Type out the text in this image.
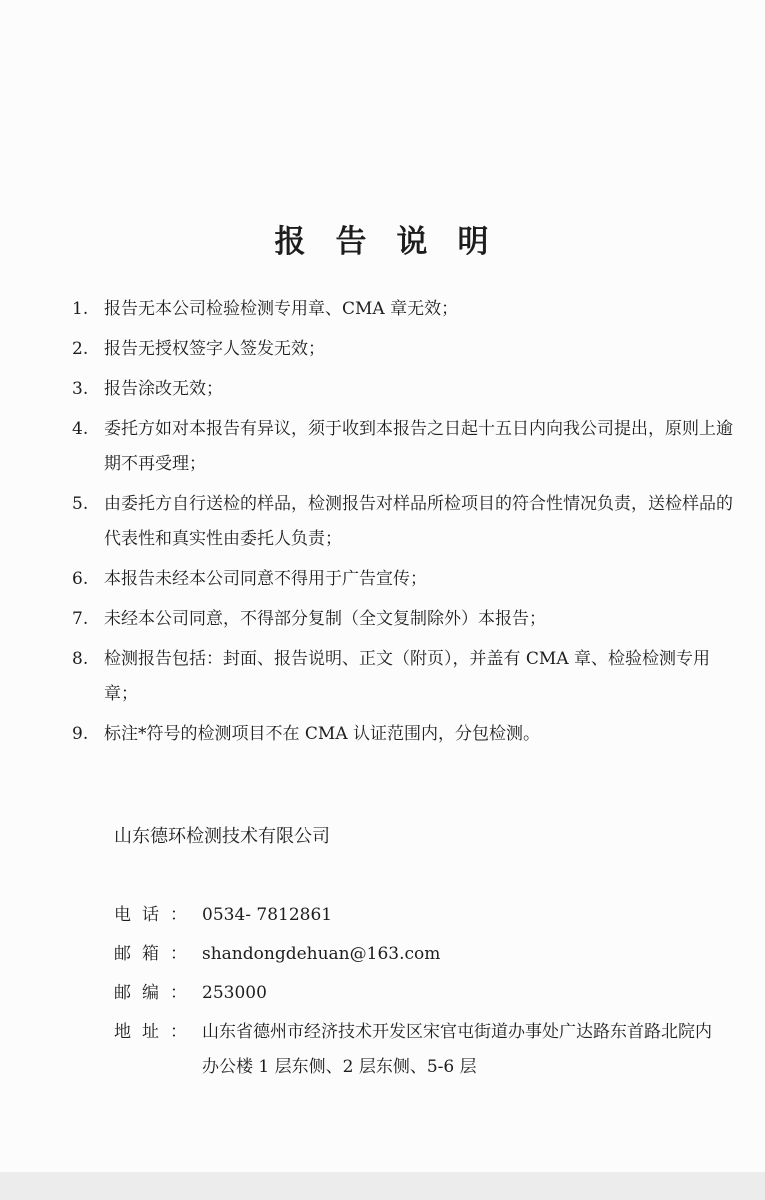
报告说明
1. 报告无本公司检验检测专用章、CMA 章无效；
2. 报告无授权签字人签发无效；
3. 报告涂改无效；
4. 委托方如对本报告有异议，须于收到本报告之日起十五日内向我公司提出，原则上逾期不再受理；
5. 由委托方自行送检的样品，检测报告对样品所检项目的符合性情况负责，送检样品的代表性和真实性由委托人负责；
6. 本报告未经本公司同意不得用于广告宣传；
7. 未经本公司同意，不得部分复制（全文复制除外）本报告；
8. 检测报告包括：封面、报告说明、正文（附页），并盖有 CMA 章、检验检测专用章；
9. 标注*符号的检测项目不在 CMA 认证范围内，分包检测。

山东德环检测技术有限公司

电话： 0534- 7812861
邮箱： shandongdehuan@163.com
邮编： 253000
地址： 山东省德州市经济技术开发区宋官屯街道办事处广达路东首路北院内办公楼 1 层东侧、2 层东侧、5-6 层
